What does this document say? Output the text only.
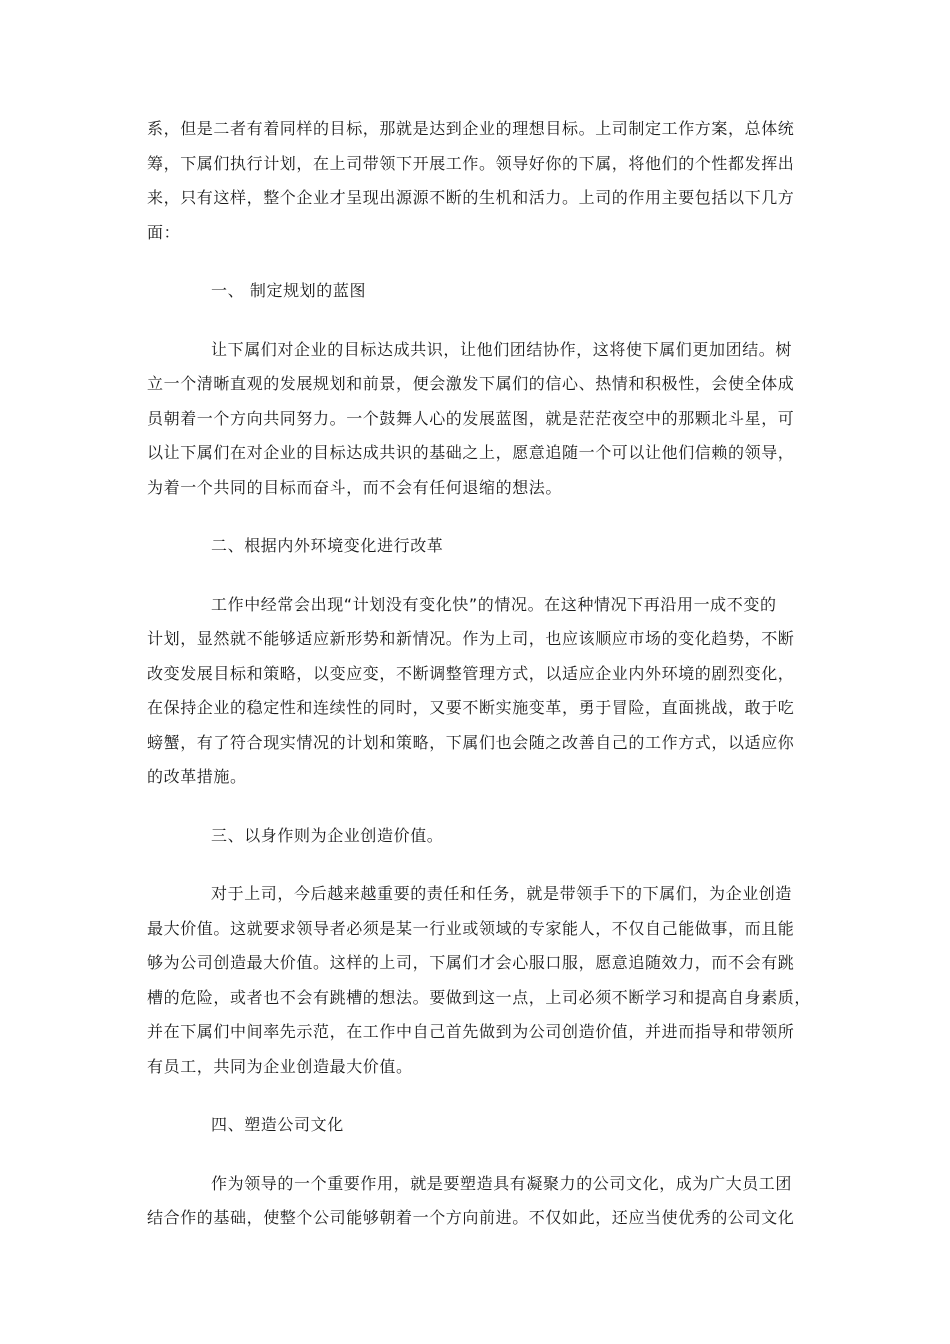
系，但是二者有着同样的目标，那就是达到企业的理想目标。上司制定工作方案，总体统
筹，下属们执行计划，在上司带领下开展工作。领导好你的下属，将他们的个性都发挥出
来，只有这样，整个企业才呈现出源源不断的生机和活力。上司的作用主要包括以下几方
面：
一、 制定规划的蓝图
让下属们对企业的目标达成共识，让他们团结协作，这将使下属们更加团结。树
立一个清晰直观的发展规划和前景，便会激发下属们的信心、热情和积极性，会使全体成
员朝着一个方向共同努力。一个鼓舞人心的发展蓝图，就是茫茫夜空中的那颗北斗星，可
以让下属们在对企业的目标达成共识的基础之上，愿意追随一个可以让他们信赖的领导，
为着一个共同的目标而奋斗，而不会有任何退缩的想法。
二、根据内外环境变化进行改革
工作中经常会出现“计划没有变化快”的情况。在这种情况下再沿用一成不变的
计划，显然就不能够适应新形势和新情况。作为上司，也应该顺应市场的变化趋势，不断
改变发展目标和策略，以变应变，不断调整管理方式，以适应企业内外环境的剧烈变化，
在保持企业的稳定性和连续性的同时，又要不断实施变革，勇于冒险，直面挑战，敢于吃
螃蟹，有了符合现实情况的计划和策略，下属们也会随之改善自己的工作方式，以适应你
的改革措施。
三、以身作则为企业创造价值。
对于上司，今后越来越重要的责任和任务，就是带领手下的下属们，为企业创造
最大价值。这就要求领导者必须是某一行业或领域的专家能人，不仅自己能做事，而且能
够为公司创造最大价值。这样的上司，下属们才会心服口服，愿意追随效力，而不会有跳
槽的危险，或者也不会有跳槽的想法。要做到这一点，上司必须不断学习和提高自身素质，
并在下属们中间率先示范，在工作中自己首先做到为公司创造价值，并进而指导和带领所
有员工，共同为企业创造最大价值。
四、塑造公司文化
作为领导的一个重要作用，就是要塑造具有凝聚力的公司文化，成为广大员工团
结合作的基础，使整个公司能够朝着一个方向前进。不仅如此，还应当使优秀的公司文化
